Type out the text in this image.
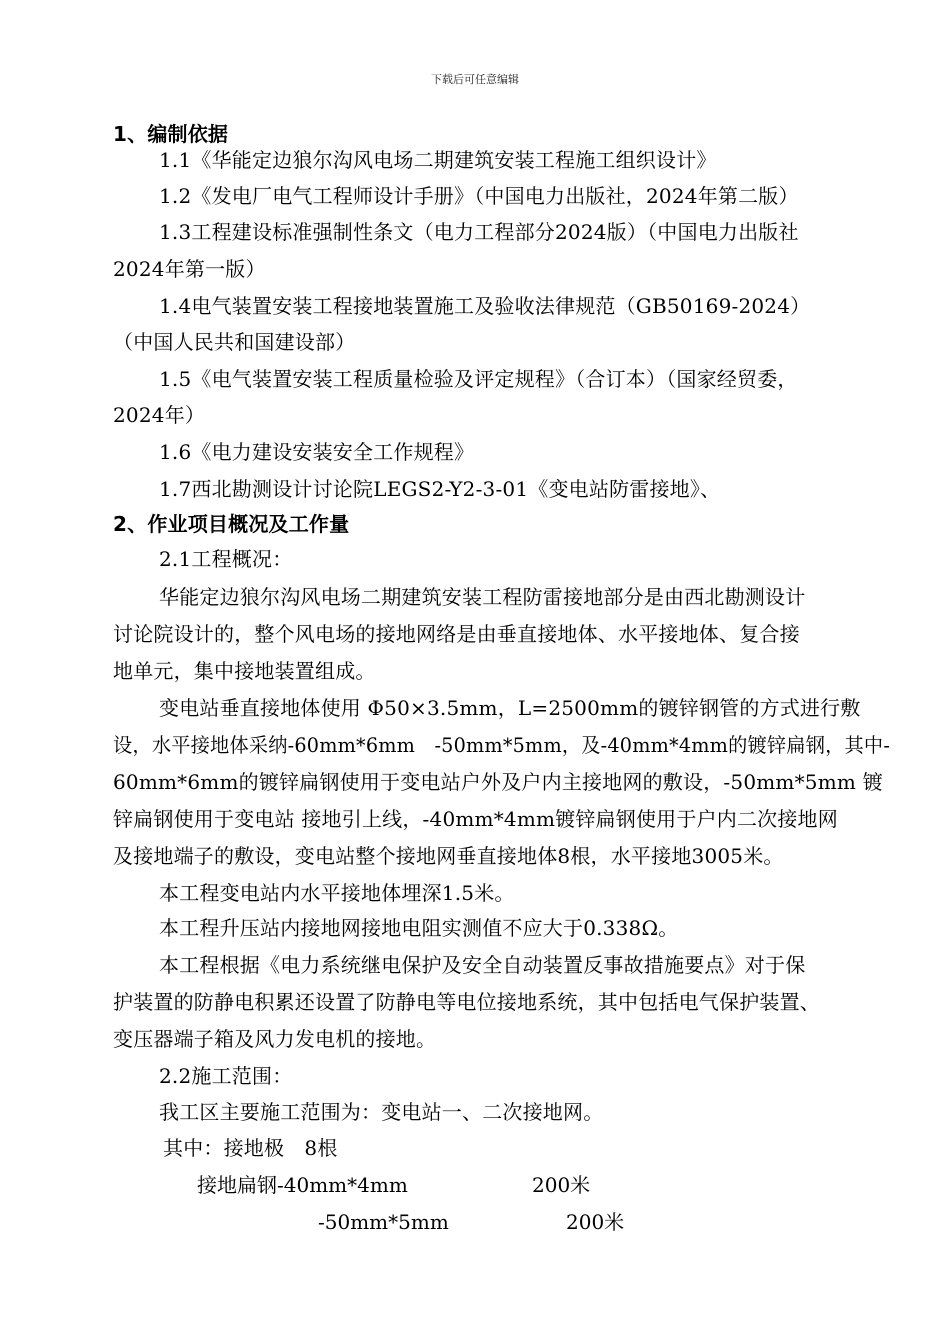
下载后可任意编辑
1、编制依据
1.1《华能定边狼尔沟风电场二期建筑安装工程施工组织设计》
1.2《发电厂电气工程师设计手册》（中国电力出版社，2024年第二版）
1.3工程建设标准强制性条文（电力工程部分2024版）（中国电力出版社
2024年第一版）
1.4电气装置安装工程接地装置施工及验收法律规范（GB50169-2024）
（中国人民共和国建设部）
1.5《电气装置安装工程质量检验及评定规程》（合订本）（国家经贸委，
2024年）
1.6《电力建设安装安全工作规程》
1.7西北勘测设计讨论院LEGS2-Y2-3-01《变电站防雷接地》、
2、作业项目概况及工作量
2.1工程概况：
华能定边狼尔沟风电场二期建筑安装工程防雷接地部分是由西北勘测设计
讨论院设计的，整个风电场的接地网络是由垂直接地体、水平接地体、复合接
地单元，集中接地装置组成。
变电站垂直接地体使用 Φ50×3.5mm，L=2500mm的镀锌钢管的方式进行敷
设，水平接地体采纳-60mm*6mm　-50mm*5mm，及-40mm*4mm的镀锌扁钢，其中-
60mm*6mm的镀锌扁钢使用于变电站户外及户内主接地网的敷设，-50mm*5mm 镀
锌扁钢使用于变电站 接地引上线，-40mm*4mm镀锌扁钢使用于户内二次接地网
及接地端子的敷设，变电站整个接地网垂直接地体8根，水平接地3005米。
本工程变电站内水平接地体埋深1.5米。
本工程升压站内接地网接地电阻实测值不应大于0.338Ω。
本工程根据《电力系统继电保护及安全自动装置反事故措施要点》对于保
护装置的防静电积累还设置了防静电等电位接地系统，其中包括电气保护装置、
变压器端子箱及风力发电机的接地。
2.2施工范围：
我工区主要施工范围为：变电站一、二次接地网。
其中：接地极　8根
接地扁钢-40mm*4mm	200米
-50mm*5mm	200米
